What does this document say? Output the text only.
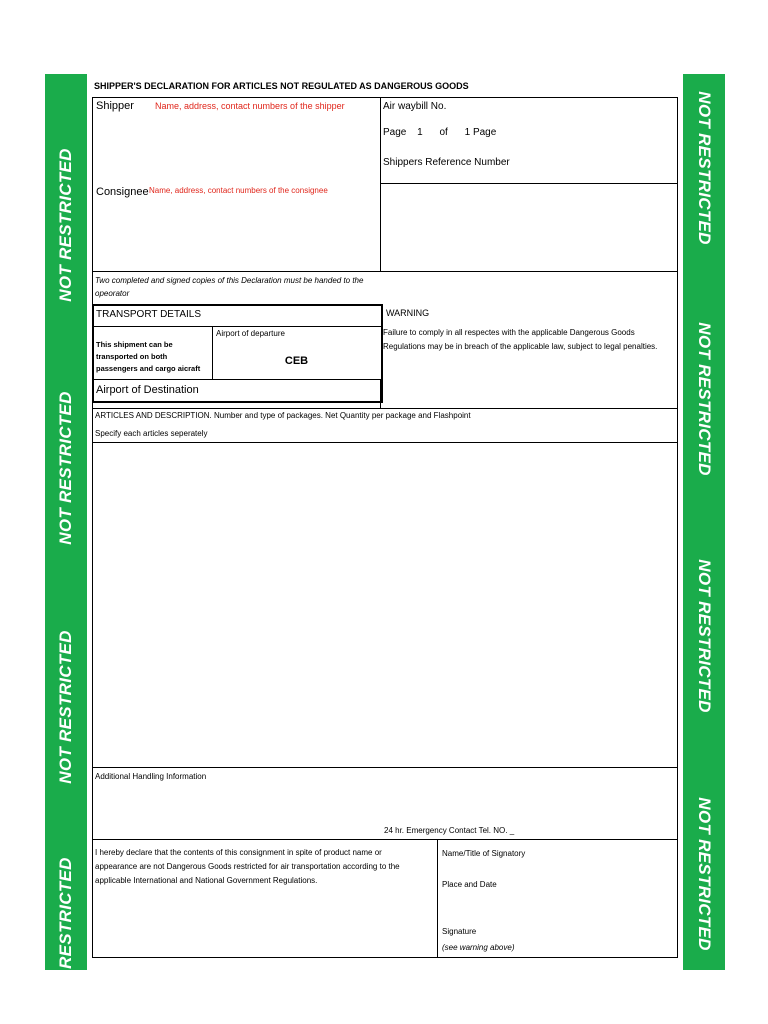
NOT RESTRICTED
NOT RESTRICTED
NOT RESTRICTED
NOT RESTRICTED
NOT RESTRICTED
NOT RESTRICTED
NOT RESTRICTED
NOT RESTRICTED
SHIPPER'S DECLARATION FOR ARTICLES NOT REGULATED AS DANGEROUS GOODS
Shipper Name, address, contact numbers of the shipper	Air waybill No.
Page 1 of 1 Page
Shippers Reference Number
Consignee Name, address, contact numbers of the consignee
Two completed and signed copies of this Declaration must be handed to the opeorator
TRANSPORT DETAILS
This shipment can be transported on both passengers and cargo aicraft
Airport of departure
CEB
Airport of Destination
WARNING
Failure to comply in all respectes with the applicable Dangerous Goods Regulations may be in breach of the applicable law, subject to legal penalties.
ARTICLES AND DESCRIPTION. Number and type of packages. Net Quantity per package and Flashpoint
Specify each articles seperately
Additional Handling Information
24 hr. Emergency Contact Tel. NO. _
I hereby declare that the contents of this consignment in spite of product name or appearance are not Dangerous Goods restricted for air transportation according to the applicable International and National Government Regulations.
Name/Title of Signatory
Place and Date
Signature
(see warning above)
